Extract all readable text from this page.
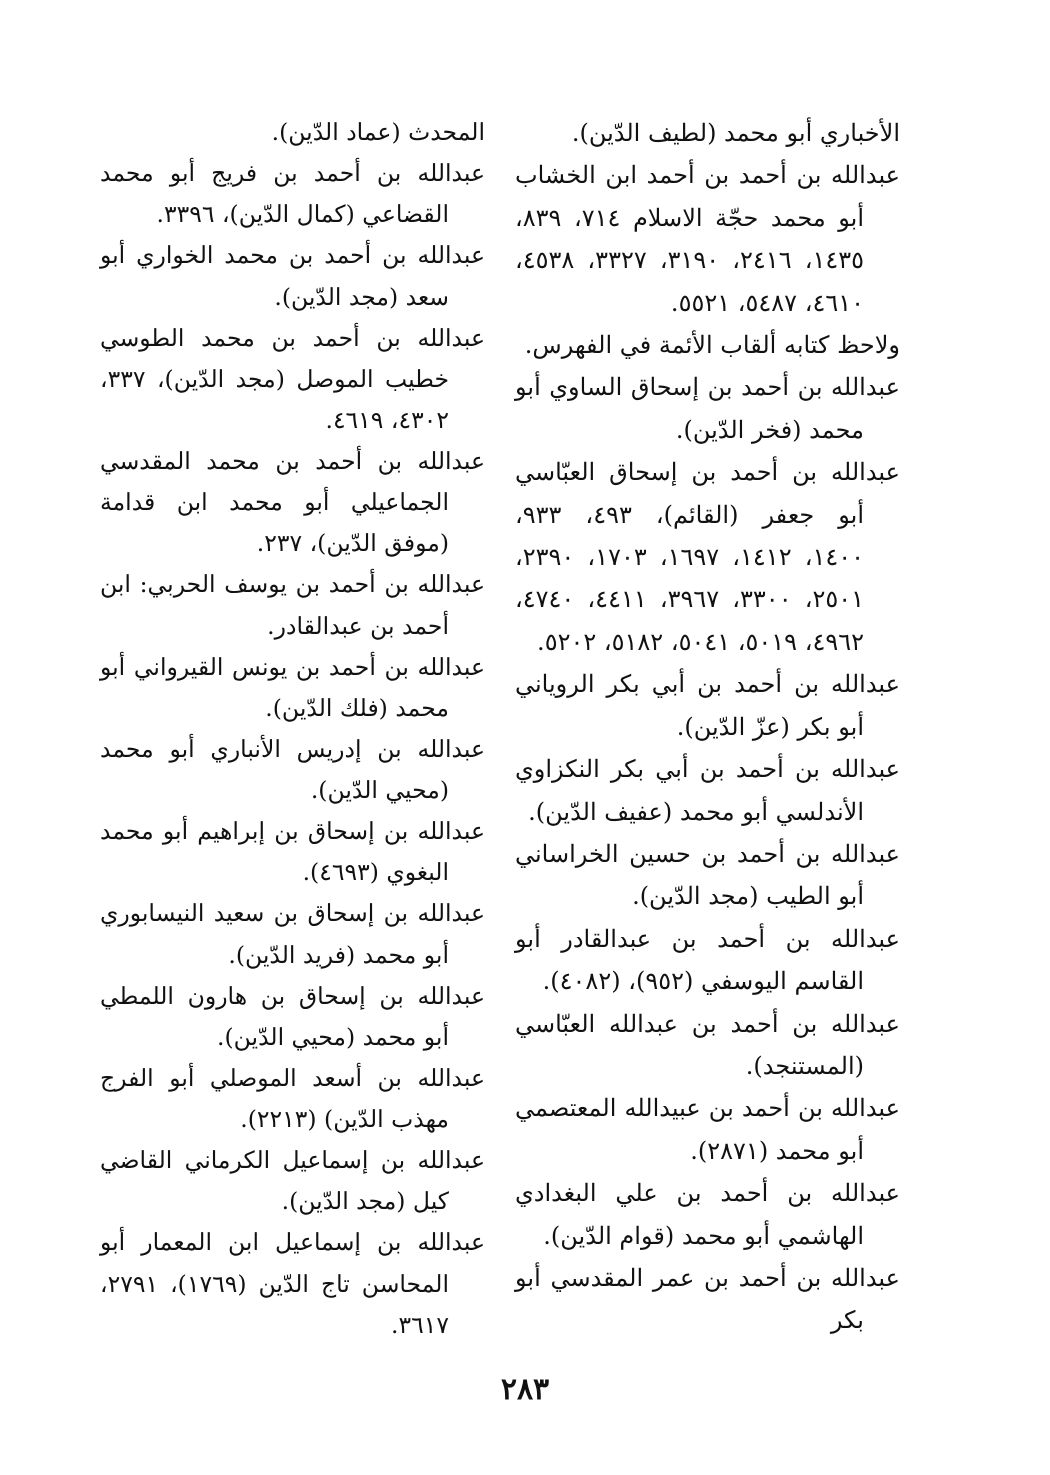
الأخباري أبو محمد (لطيف الدّين).

عبدالله بن أحمد بن أحمد ابن الخشاب أبو محمد حجّة الاسلام ٧١٤، ٨٣٩، ١٤٣٥، ٢٤١٦، ٣١٩٠، ٣٣٢٧، ٤٥٣٨، ٤٦١٠، ٥٤٨٧، ٥٥٢١.

ولاحظ كتابه ألقاب الأئمة في الفهرس.

عبدالله بن أحمد بن إسحاق الساوي أبو محمد (فخر الدّين).

عبدالله بن أحمد بن إسحاق العبّاسي أبو جعفر (القائم)، ٤٩٣، ٩٣٣، ١٤٠٠، ١٤١٢، ١٦٩٧، ١٧٠٣، ٢٣٩٠، ٢٥٠١، ٣٣٠٠، ٣٩٦٧، ٤٤١١، ٤٧٤٠، ٤٩٦٢، ٥٠١٩، ٥٠٤١، ٥١٨٢، ٥٢٠٢.

عبدالله بن أحمد بن أبي بكر الرویاني أبو بكر (عزّ الدّين).

عبدالله بن أحمد بن أبي بكر النكزاوي الأندلسي أبو محمد (عفيف الدّين).

عبدالله بن أحمد بن حسين الخراساني أبو الطيب (مجد الدّين).

عبدالله بن أحمد بن عبدالقادر أبو القاسم اليوسفي (٩٥٢)، (٤٠٨٢).

عبدالله بن أحمد بن عبدالله العبّاسي (المستنجد).

عبدالله بن أحمد بن عبيدالله المعتصمي أبو محمد (٢٨٧١).

عبدالله بن أحمد بن علي البغدادي الهاشمي أبو محمد (قوام الدّين).

عبدالله بن أحمد بن عمر المقدسي أبو بكر

المحدث (عماد الدّين).

عبدالله بن أحمد بن فريج أبو محمد القضاعي (كمال الدّين)، ٣٣٩٦.

عبدالله بن أحمد بن محمد الخواري أبو سعد (مجد الدّين).

عبدالله بن أحمد بن محمد الطوسي خطيب الموصل (مجد الدّين)، ٣٣٧، ٤٣٠٢، ٤٦١٩.

عبدالله بن أحمد بن محمد المقدسي الجماعيلي أبو محمد ابن قدامة (موفق الدّين)، ٢٣٧.

عبدالله بن أحمد بن يوسف الحربي: ابن أحمد بن عبدالقادر.

عبدالله بن أحمد بن يونس القيرواني أبو محمد (فلك الدّين).

عبدالله بن إدريس الأنباري أبو محمد (محيي الدّين).

عبدالله بن إسحاق بن إبراهيم أبو محمد البغوي (٤٦٩٣).

عبدالله بن إسحاق بن سعيد النيسابوري أبو محمد (فريد الدّين).

عبدالله بن إسحاق بن هارون اللمطي أبو محمد (محيي الدّين).

عبدالله بن أسعد الموصلي أبو الفرج مهذب الدّين) (٢٢١٣).

عبدالله بن إسماعيل الكرماني القاضي كيل (مجد الدّين).

عبدالله بن إسماعيل ابن المعمار أبو المحاسن تاج الدّين (١٧٦٩)، ٢٧٩١، ٣٦١٧.

٢٨٣
